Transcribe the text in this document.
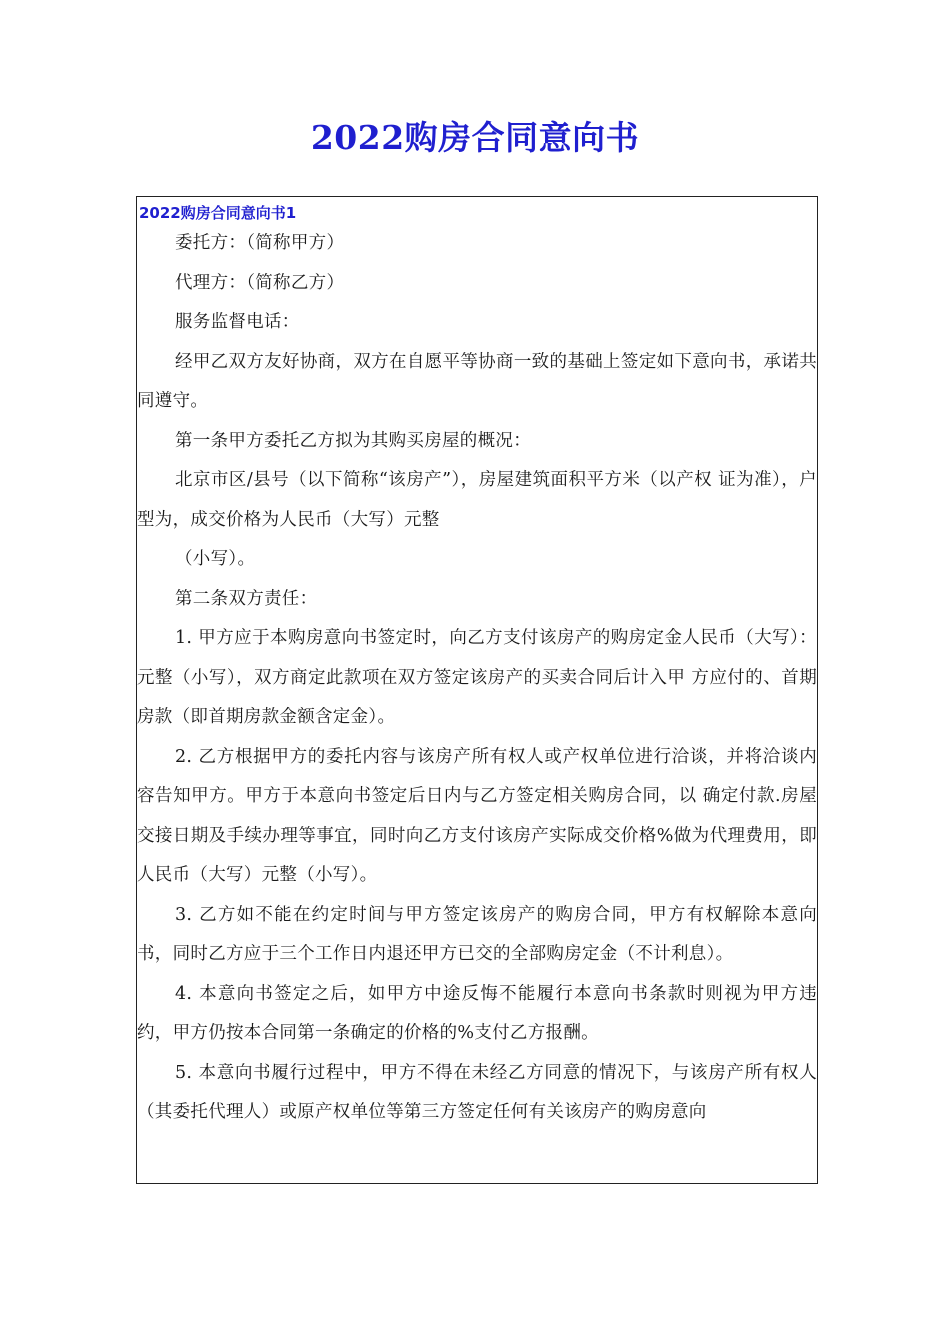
2022购房合同意向书
2022购房合同意向书1

委托方：（简称甲方）

代理方：（简称乙方）

服务监督电话：

经甲乙双方友好协商，双方在自愿平等协商一致的基础上签定如下意向书，承诺共同遵守。

第一条甲方委托乙方拟为其购买房屋的概况：

北京市区/县号（以下简称“该房产”），房屋建筑面积平方米（以产权 证为准），户型为，成交价格为人民币（大写）元整

（小写）。

第二条双方责任：

1. 甲方应于本购房意向书签定时，向乙方支付该房产的购房定金人民币（大写）：元整（小写），双方商定此款项在双方签定该房产的买卖合同后计入甲 方应付的、首期房款（即首期房款金额含定金）。

2. 乙方根据甲方的委托内容与该房产所有权人或产权单位进行洽谈，并将洽谈内容告知甲方。甲方于本意向书签定后日内与乙方签定相关购房合同，以 确定付款.房屋交接日期及手续办理等事宜，同时向乙方支付该房产实际成交价格%做为代理费用，即人民币（大写）元整（小写）。

3. 乙方如不能在约定时间与甲方签定该房产的购房合同，甲方有权解除本意向书，同时乙方应于三个工作日内退还甲方已交的全部购房定金（不计利息）。

4. 本意向书签定之后，如甲方中途反悔不能履行本意向书条款时则视为甲方违约，甲方仍按本合同第一条确定的价格的%支付乙方报酬。

5. 本意向书履行过程中，甲方不得在未经乙方同意的情况下，与该房产所有权人（其委托代理人）或原产权单位等第三方签定任何有关该房产的购房意向
